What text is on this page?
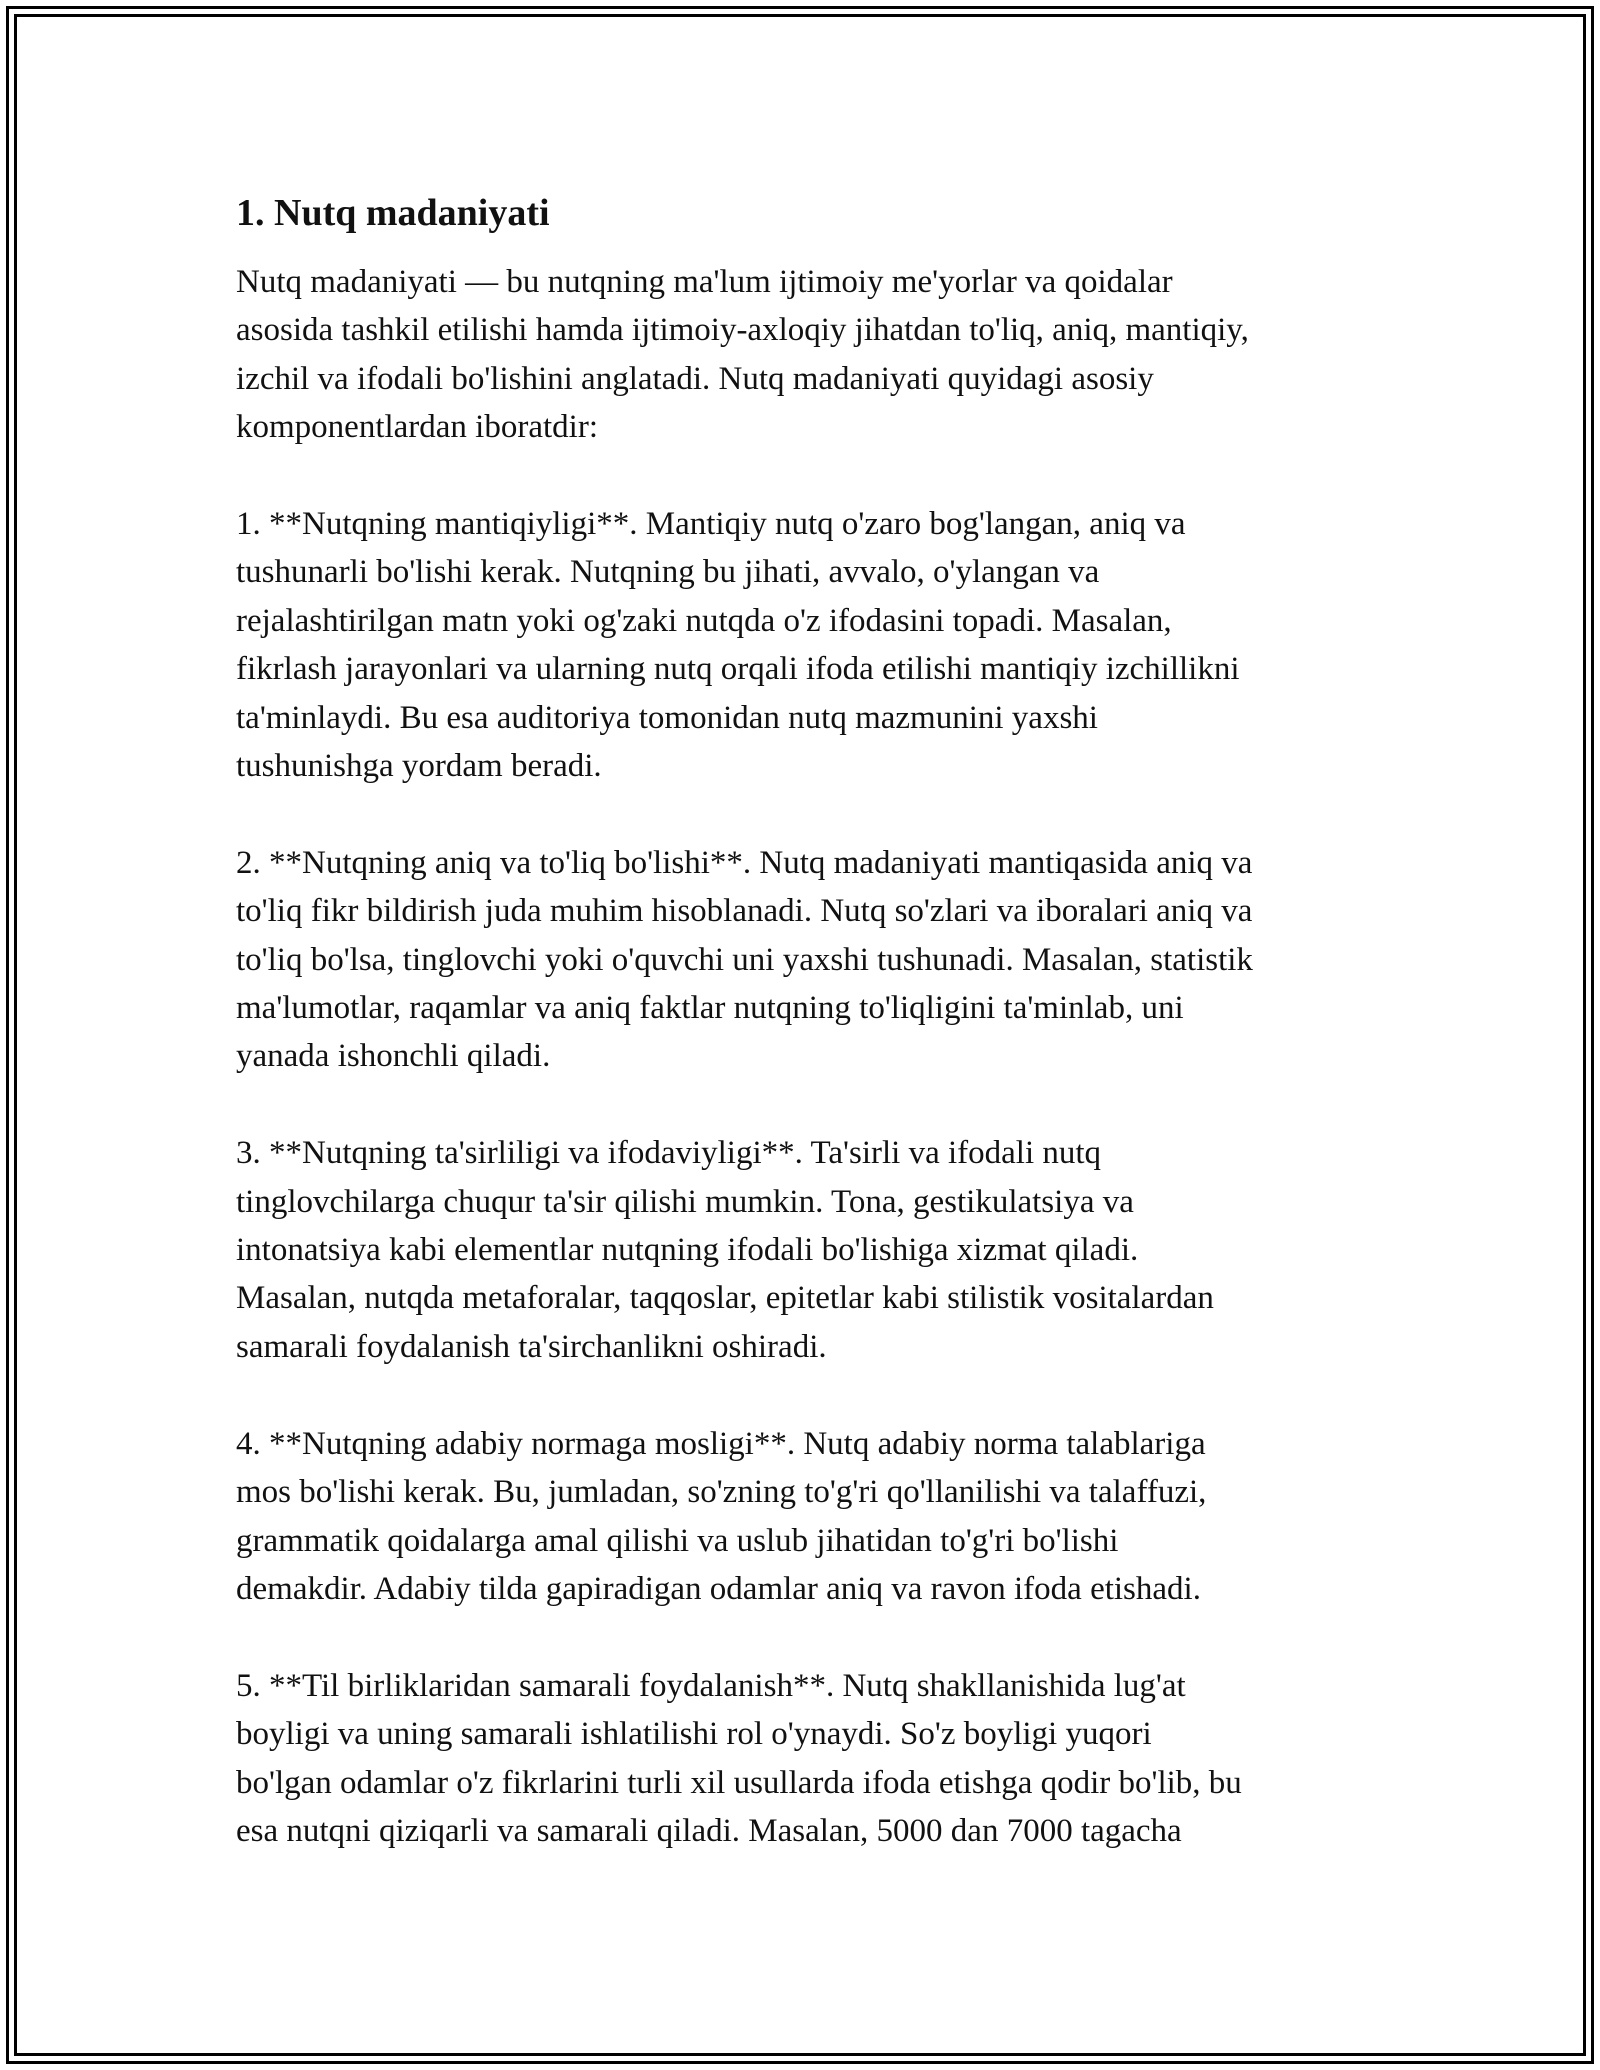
1. Nutq madaniyati
Nutq madaniyati — bu nutqning ma'lum ijtimoiy me'yorlar va qoidalar
asosida tashkil etilishi hamda ijtimoiy-axloqiy jihatdan to'liq, aniq, mantiqiy,
izchil va ifodali bo'lishini anglatadi. Nutq madaniyati quyidagi asosiy
komponentlardan iboratdir:
1. **Nutqning mantiqiyligi**. Mantiqiy nutq o'zaro bog'langan, aniq va
tushunarli bo'lishi kerak. Nutqning bu jihati, avvalo, o'ylangan va
rejalashtirilgan matn yoki og'zaki nutqda o'z ifodasini topadi. Masalan,
fikrlash jarayonlari va ularning nutq orqali ifoda etilishi mantiqiy izchillikni
ta'minlaydi. Bu esa auditoriya tomonidan nutq mazmunini yaxshi
tushunishga yordam beradi.
2. **Nutqning aniq va to'liq bo'lishi**. Nutq madaniyati mantiqasida aniq va
to'liq fikr bildirish juda muhim hisoblanadi. Nutq so'zlari va iboralari aniq va
to'liq bo'lsa, tinglovchi yoki o'quvchi uni yaxshi tushunadi. Masalan, statistik
ma'lumotlar, raqamlar va aniq faktlar nutqning to'liqligini ta'minlab, uni
yanada ishonchli qiladi.
3. **Nutqning ta'sirliligi va ifodaviyligi**. Ta'sirli va ifodali nutq
tinglovchilarga chuqur ta'sir qilishi mumkin. Tona, gestikulatsiya va
intonatsiya kabi elementlar nutqning ifodali bo'lishiga xizmat qiladi.
Masalan, nutqda metaforalar, taqqoslar, epitetlar kabi stilistik vositalardan
samarali foydalanish ta'sirchanlikni oshiradi.
4. **Nutqning adabiy normaga mosligi**. Nutq adabiy norma talablariga
mos bo'lishi kerak. Bu, jumladan, so'zning to'g'ri qo'llanilishi va talaffuzi,
grammatik qoidalarga amal qilishi va uslub jihatidan to'g'ri bo'lishi
demakdir. Adabiy tilda gapiradigan odamlar aniq va ravon ifoda etishadi.
5. **Til birliklaridan samarali foydalanish**. Nutq shakllanishida lug'at
boyligi va uning samarali ishlatilishi rol o'ynaydi. So'z boyligi yuqori
bo'lgan odamlar o'z fikrlarini turli xil usullarda ifoda etishga qodir bo'lib, bu
esa nutqni qiziqarli va samarali qiladi. Masalan, 5000 dan 7000 tagacha
